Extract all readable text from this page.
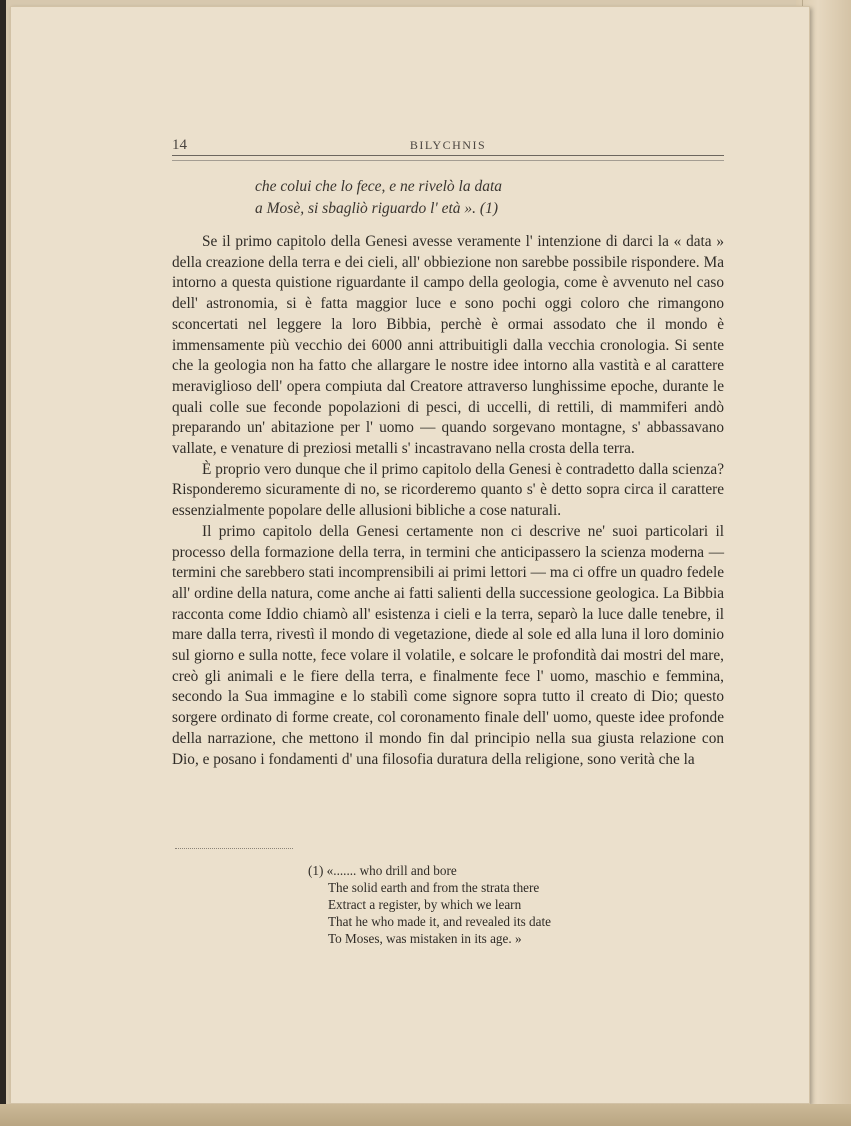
14	BILYCHNIS
che colui che lo fece, e ne rivelò la data
a Mosè, si sbagliò riguardo l' età ». (1)

Se il primo capitolo della Genesi avesse veramente l' intenzione di darci la « data » della creazione della terra e dei cieli, all' obbiezione non sarebbe possibile rispondere. Ma intorno a questa quistione riguardante il campo della geologia, come è avvenuto nel caso dell' astronomia, si è fatta maggior luce e sono pochi oggi coloro che rimangono sconcertati nel leggere la loro Bibbia, perchè è ormai assodato che il mondo è immensamente più vecchio dei 6000 anni attribuitigli dalla vecchia cronologia. Si sente che la geologia non ha fatto che allargare le nostre idee intorno alla vastità e al carattere meraviglioso dell' opera compiuta dal Creatore attraverso lunghissime epoche, durante le quali colle sue feconde popolazioni di pesci, di uccelli, di rettili, di mammiferi andò preparando un' abitazione per l' uomo — quando sorgevano montagne, s' abbassavano vallate, e venature di preziosi metalli s' incastravano nella crosta della terra.

È proprio vero dunque che il primo capitolo della Genesi è contradetto dalla scienza? Risponderemo sicuramente di no, se ricorderemo quanto s' è detto sopra circa il carattere essenzialmente popolare delle allusioni bibliche a cose naturali.

Il primo capitolo della Genesi certamente non ci descrive ne' suoi particolari il processo della formazione della terra, in termini che anticipassero la scienza moderna — termini che sarebbero stati incomprensibili ai primi lettori — ma ci offre un quadro fedele all' ordine della natura, come anche ai fatti salienti della successione geologica. La Bibbia racconta come Iddio chiamò all' esistenza i cieli e la terra, separò la luce dalle tenebre, il mare dalla terra, rivestì il mondo di vegetazione, diede al sole ed alla luna il loro dominio sul giorno e sulla notte, fece volare il volatile, e solcare le profondità dai mostri del mare, creò gli animali e le fiere della terra, e finalmente fece l' uomo, maschio e femmina, secondo la Sua immagine e lo stabilì come signore sopra tutto il creato di Dio; questo sorgere ordinato di forme create, col coronamento finale dell' uomo, queste idee profonde della narrazione, che mettono il mondo fin dal principio nella sua giusta relazione con Dio, e posano i fondamenti d' una filosofia duratura della religione, sono verità che la

(1) «....... who drill and bore
The solid earth and from the strata there
Extract a register, by which we learn
That he who made it, and revealed its date
To Moses, was mistaken in its age. »
